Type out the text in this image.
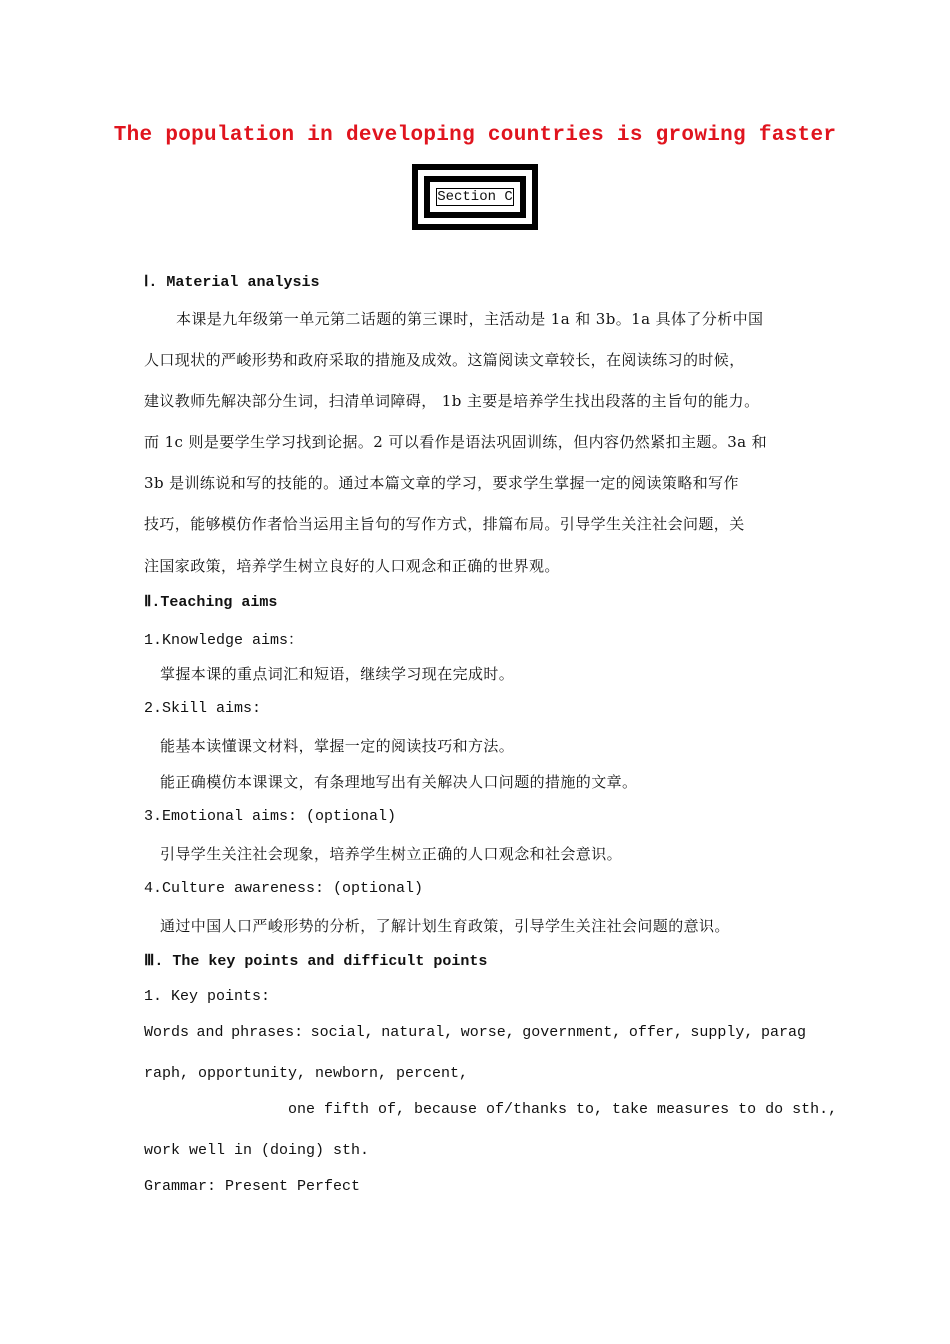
The population in developing countries is growing faster
Section C
Ⅰ. Material analysis
本课是九年级第一单元第二话题的第三课时，主活动是 1a 和 3b。1a 具体了分析中国
人口现状的严峻形势和政府采取的措施及成效。这篇阅读文章较长，在阅读练习的时候，
建议教师先解决部分生词，扫清单词障碍， 1b 主要是培养学生找出段落的主旨句的能力。
而 1c 则是要学生学习找到论据。2 可以看作是语法巩固训练，但内容仍然紧扣主题。3a 和
3b 是训练说和写的技能的。通过本篇文章的学习，要求学生掌握一定的阅读策略和写作
技巧，能够模仿作者恰当运用主旨句的写作方式，排篇布局。引导学生关注社会问题，关
注国家政策，培养学生树立良好的人口观念和正确的世界观。
Ⅱ.Teaching aims
1.Knowledge aims：
掌握本课的重点词汇和短语，继续学习现在完成时。
2.Skill aims:
能基本读懂课文材料，掌握一定的阅读技巧和方法。
能正确模仿本课课文，有条理地写出有关解决人口问题的措施的文章。
3.Emotional aims: (optional)
引导学生关注社会现象，培养学生树立正确的人口观念和社会意识。
4.Culture awareness: (optional)
通过中国人口严峻形势的分析，了解计划生育政策，引导学生关注社会问题的意识。
Ⅲ. The key points and difficult points
1. Key points:
Words and phrases: social, natural, worse, government, offer, supply, parag
raph, opportunity, newborn, percent,
one fifth of, because of/thanks to, take measures to do sth.,
work well in (doing) sth.
Grammar: Present Perfect
